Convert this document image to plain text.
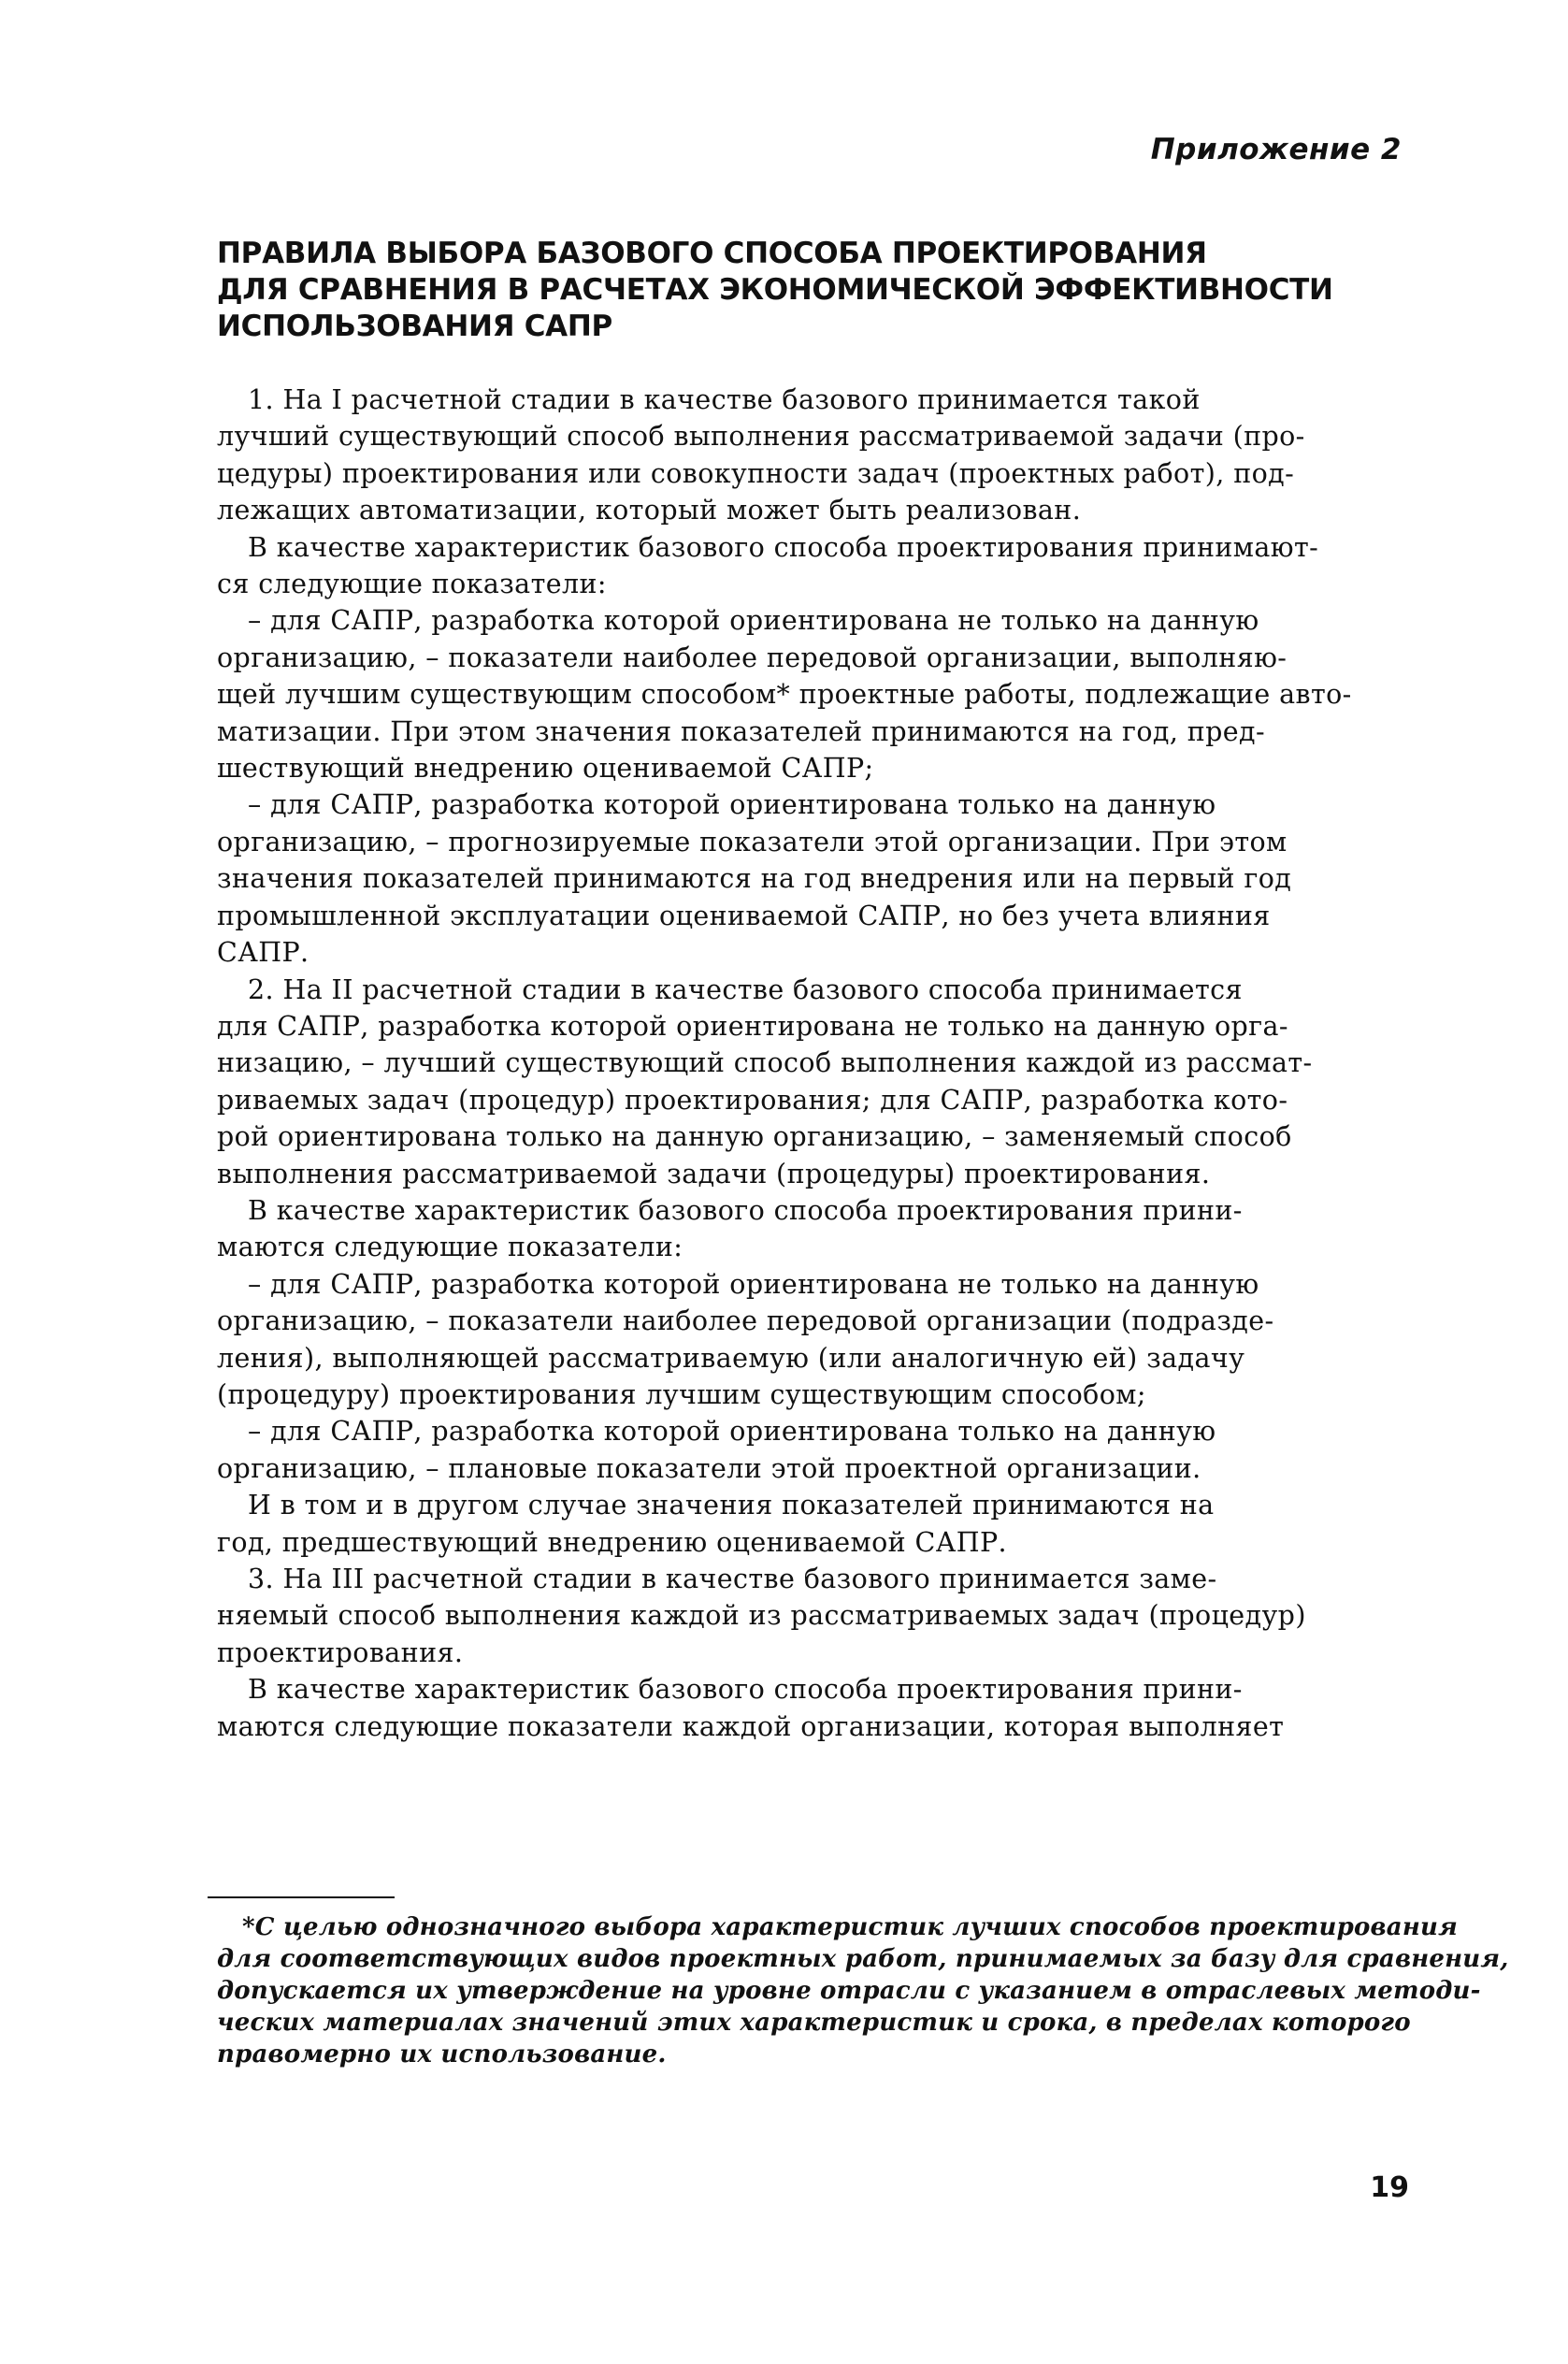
Приложение 2
ПРАВИЛА ВЫБОРА БАЗОВОГО СПОСОБА ПРОЕКТИРОВАНИЯ
ДЛЯ СРАВНЕНИЯ В РАСЧЕТАХ ЭКОНОМИЧЕСКОЙ ЭФФЕКТИВНОСТИ
ИСПОЛЬЗОВАНИЯ САПР
1. На I расчетной стадии в качестве базового принимается такой
лучший существующий способ выполнения рассматриваемой задачи (про-
цедуры) проектирования или совокупности задач (проектных работ), под-
лежащих автоматизации, который может быть реализован.
В качестве характеристик базового способа проектирования принимают-
ся следующие показатели:
– для САПР, разработка которой ориентирована не только на данную
организацию, – показатели наиболее передовой организации, выполняю-
щей лучшим существующим способом* проектные работы, подлежащие авто-
матизации. При этом значения показателей принимаются на год, пред-
шествующий внедрению оцениваемой САПР;
– для САПР, разработка которой ориентирована только на данную
организацию, – прогнозируемые показатели этой организации. При этом
значения показателей принимаются на год внедрения или на первый год
промышленной эксплуатации оцениваемой САПР, но без учета влияния
САПР.
2. На II расчетной стадии в качестве базового способа принимается
для САПР, разработка которой ориентирована не только на данную орга-
низацию, – лучший существующий способ выполнения каждой из рассмат-
риваемых задач (процедур) проектирования; для САПР, разработка кото-
рой ориентирована только на данную организацию, – заменяемый способ
выполнения рассматриваемой задачи (процедуры) проектирования.
В качестве характеристик базового способа проектирования прини-
маются следующие показатели:
– для САПР, разработка которой ориентирована не только на данную
организацию, – показатели наиболее передовой организации (подразде-
ления), выполняющей рассматриваемую (или аналогичную ей) задачу
(процедуру) проектирования лучшим существующим способом;
– для САПР, разработка которой ориентирована только на данную
организацию, – плановые показатели этой проектной организации.
И в том и в другом случае значения показателей принимаются на
год, предшествующий внедрению оцениваемой САПР.
3. На III расчетной стадии в качестве базового принимается заме-
няемый способ выполнения каждой из рассматриваемых задач (процедур)
проектирования.
В качестве характеристик базового способа проектирования прини-
маются следующие показатели каждой организации, которая выполняет
*С целью однозначного выбора характеристик лучших способов проектирования
для соответствующих видов проектных работ, принимаемых за базу для сравнения,
допускается их утверждение на уровне отрасли с указанием в отраслевых методи-
ческих материалах значений этих характеристик и срока, в пределах которого
правомерно их использование.
19
